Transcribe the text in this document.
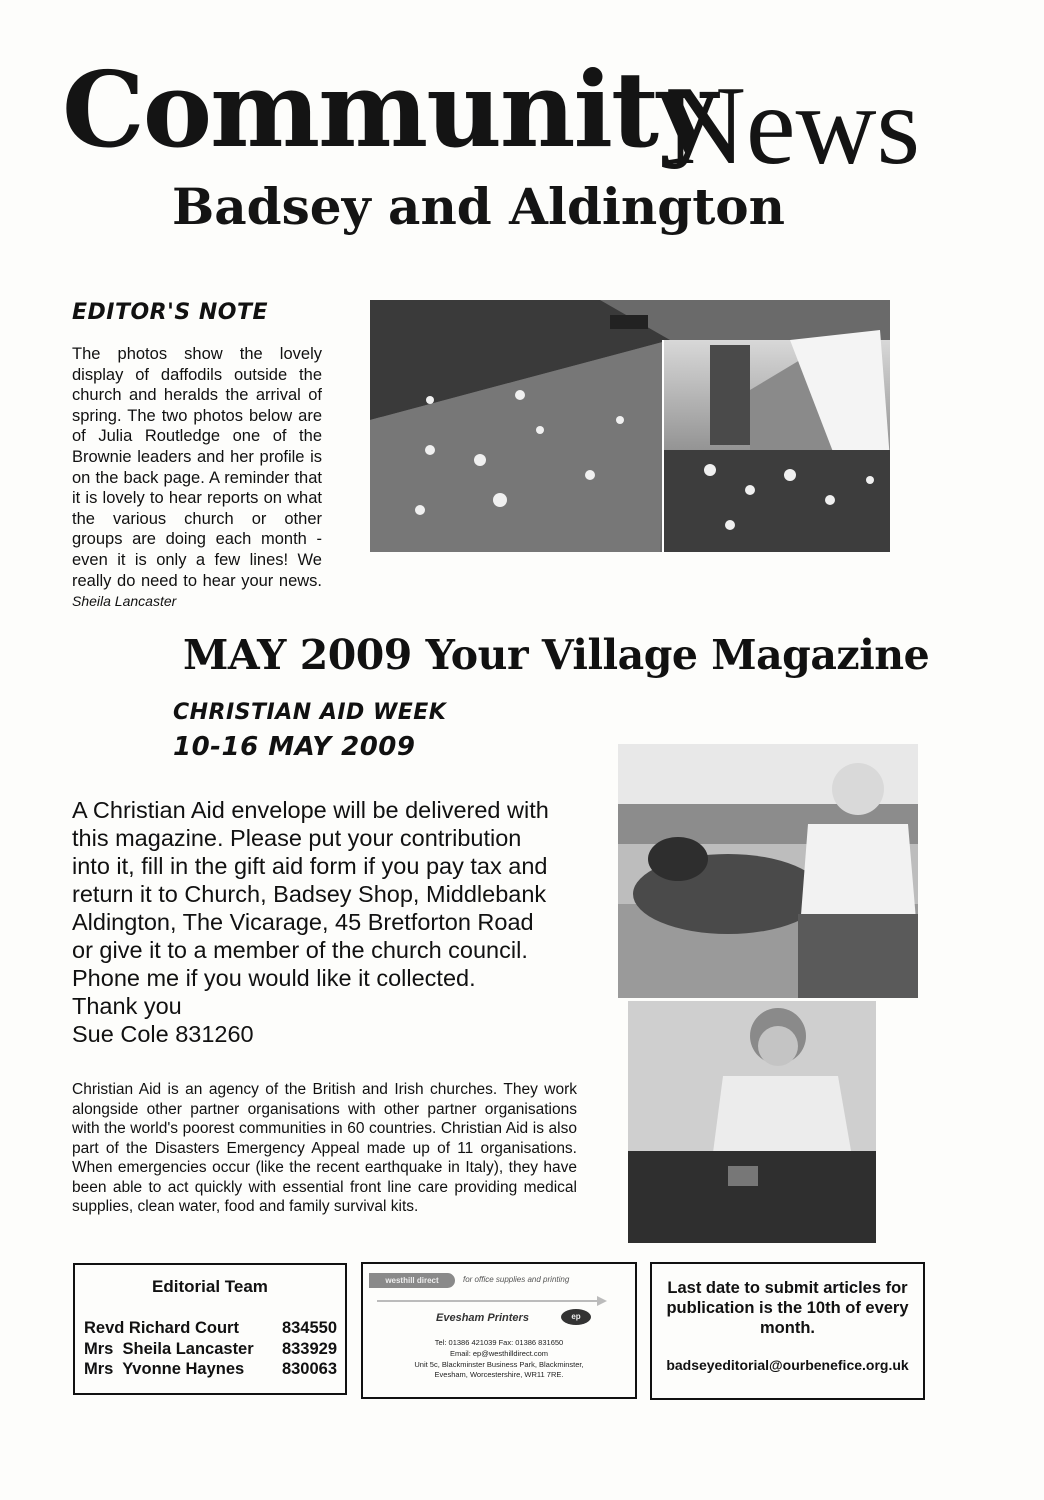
Community
News
Badsey and Aldington
EDITOR'S NOTE

The photos show the lovely display of daffodils outside the church and heralds the arrival of spring. The two photos below are of Julia Routledge one of the Brownie leaders and her profile is on the back page. A reminder that it is lovely to hear reports on what the various church or other groups are doing each month - even it is only a few lines! We really do need to hear your news. Sheila Lancaster

MAY 2009 Your Village Magazine
CHRISTIAN AID WEEK
10-16 MAY 2009

A Christian Aid envelope will be delivered with
this magazine. Please put your contribution
into it, fill in the gift aid form if you pay tax and
return it to Church, Badsey Shop, Middlebank
Aldington, The Vicarage, 45 Bretforton Road
or give it to a member of the church council.
Phone me if you would like it collected.
Thank you
Sue Cole 831260

Christian Aid is an agency of the British and Irish churches. They work alongside other partner organisations with other partner organisations with the world's poorest communities in 60 countries. Christian Aid is also part of the Disasters Emergency Appeal made up of 11 organisations. When emergencies occur (like the recent earthquake in Italy), they have been able to act quickly with essential front line care providing medical supplies, clean water, food and family survival kits.

Editorial Team
Revd Richard Court	834550
Mrs  Sheila Lancaster	833929
Mrs  Yvonne Haynes	830063
westhill direct	for office supplies and printing
Evesham Printers	ep
Tel: 01386 421039 Fax: 01386 831650
Email: ep@westhilldirect.com
Unit 5c, Blackminster Business Park, Blackminster,
Evesham, Worcestershire, WR11 7RE.
Last date to submit articles for publication is the 10th of every month.
badseyeditorial@ourbenefice.org.uk
